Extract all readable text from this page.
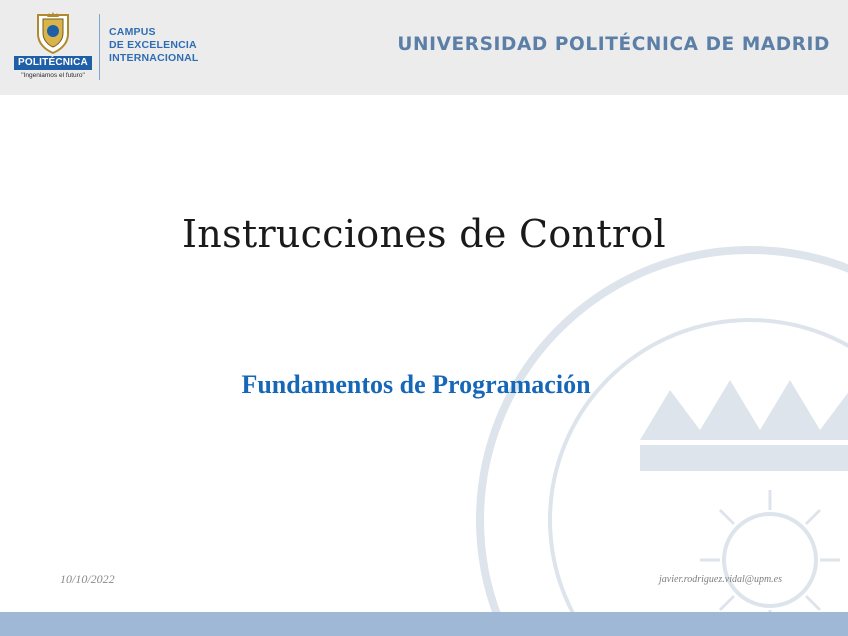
POLITÉCNICA
"Ingeniamos el futuro"
CAMPUS
DE EXCELENCIA
INTERNACIONAL
UNIVERSIDAD POLITÉCNICA DE MADRID
Instrucciones de Control
Fundamentos de Programación
10/10/2022	javier.rodriguez.vidal@upm.es
